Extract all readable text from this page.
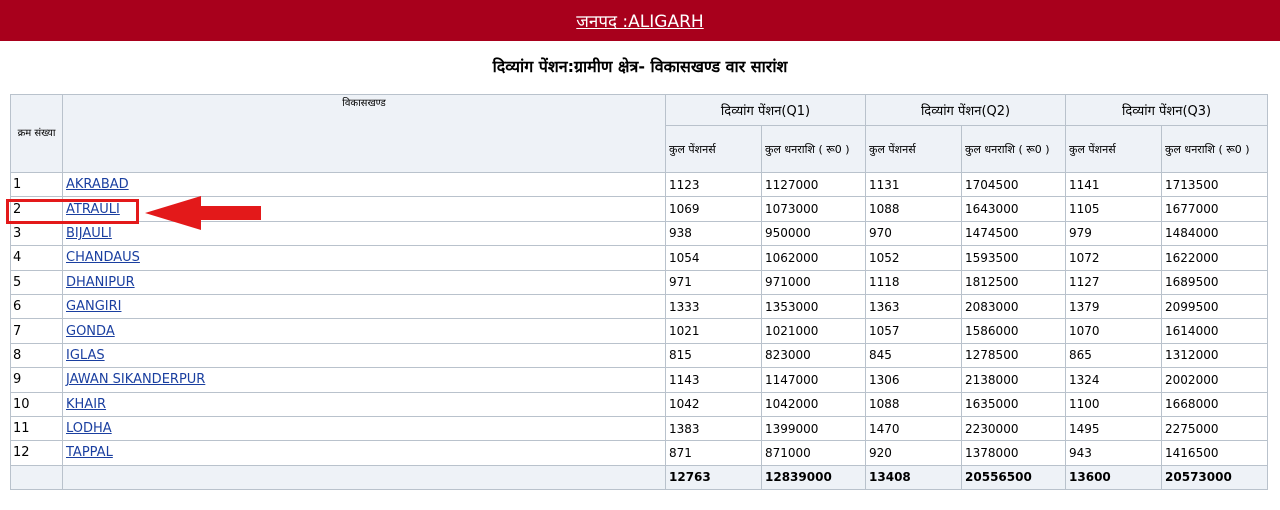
जनपद :ALIGARH
दिव्यांग पेंशन:ग्रामीण क्षेत्र- विकासखण्ड वार सारांश
क्रम संख्या	विकासखण्ड	दिव्यांग पेंशन(Q1)		दिव्यांग पेंशन(Q2)		दिव्यांग पेंशन(Q3)	
		कुल पेंशनर्स	कुल धनराशि ( रू0 )	कुल पेंशनर्स	कुल धनराशि ( रू0 )	कुल पेंशनर्स	कुल धनराशि ( रू0 )
1	AKRABAD	1123	1127000	1131	1704500	1141	1713500
2	ATRAULI	1069	1073000	1088	1643000	1105	1677000
3	BIJAULI	938	950000	970	1474500	979	1484000
4	CHANDAUS	1054	1062000	1052	1593500	1072	1622000
5	DHANIPUR	971	971000	1118	1812500	1127	1689500
6	GANGIRI	1333	1353000	1363	2083000	1379	2099500
7	GONDA	1021	1021000	1057	1586000	1070	1614000
8	IGLAS	815	823000	845	1278500	865	1312000
9	JAWAN SIKANDERPUR	1143	1147000	1306	2138000	1324	2002000
10	KHAIR	1042	1042000	1088	1635000	1100	1668000
11	LODHA	1383	1399000	1470	2230000	1495	2275000
12	TAPPAL	871	871000	920	1378000	943	1416500
		12763	12839000	13408	20556500	13600	20573000
